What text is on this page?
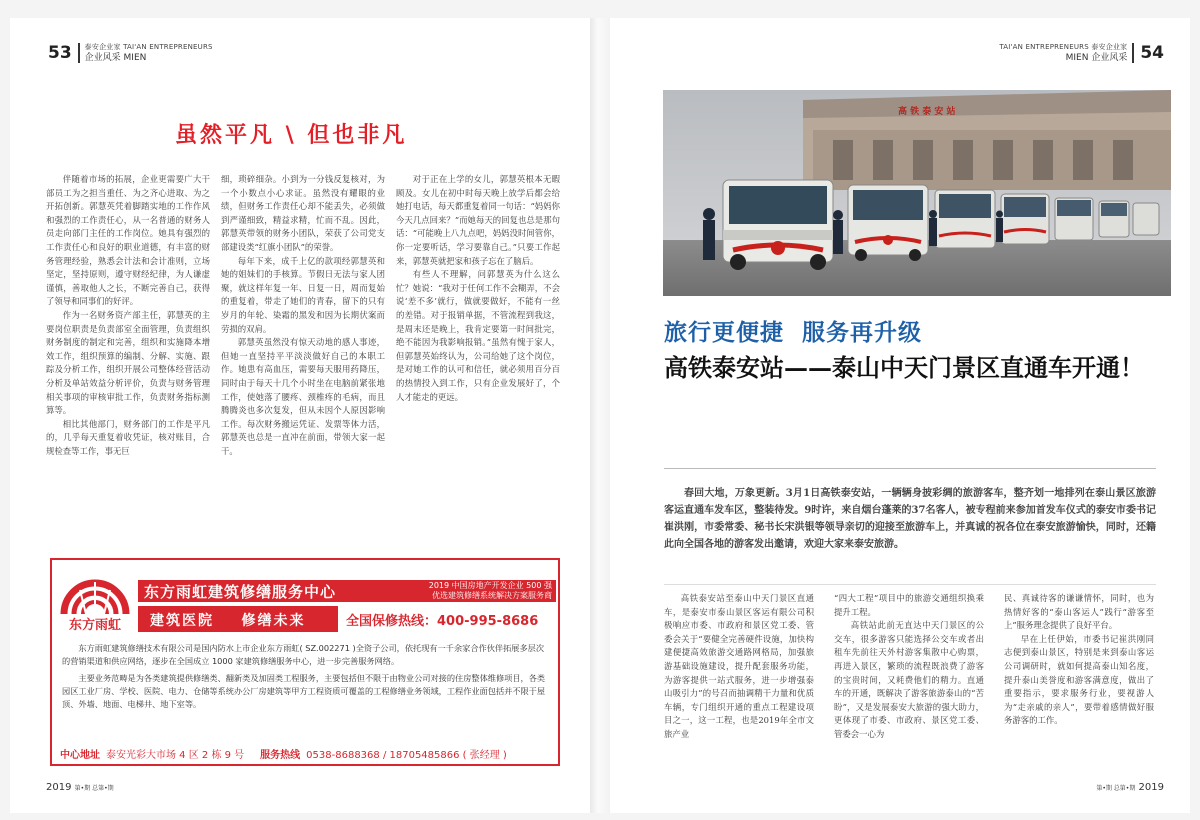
53	泰安企业家 TAI'AN ENTREPRENEURS
企业风采 MIEN
虽然平凡 \ 但也非凡

伴随着市场的拓展，企业更需要广大干部员工为之担当重任、为之齐心进取、为之开拓创新。郭慧英凭着脚踏实地的工作作风和强烈的工作责任心，从一名普通的财务人员走向部门主任的工作岗位。她具有强烈的工作责任心和良好的职业道德，有丰富的财务管理经验，熟悉会计法和会计准则，立场坚定，坚持原则，遵守财经纪律，为人谦虚谨慎，善取他人之长，不断完善自己，获得了领导和同事们的好评。

作为一名财务资产部主任，郭慧英的主要岗位职责是负责部室全面管理，负责组织财务制度的制定和完善，组织和实施降本增效工作，组织预算的编制、分解、实施、跟踪及分析工作，组织开展公司整体经营活动分析及单站效益分析评价，负责与财务管理相关事项的审核审批工作，负责财务指标测算等。

相比其他部门，财务部门的工作是平凡的，几乎每天重复着收凭证，核对账目，合规检查等工作，事无巨

细，琐碎细杂。小到为一分钱反复核对，为一个小数点小心求证。虽然没有耀眼的业绩，但财务工作责任心却不能丢失，必须做到严谨细致，精益求精，忙而不乱。因此，郭慧英带领的财务小团队，荣获了公司党支部建设类“红旗小团队”的荣誉。

每年下来，成千上亿的款项经郭慧英和她的姐妹们的手核算。节假日无法与家人团聚，就这样年复一年、日复一日，周而复始的重复着，带走了她们的青春，留下的只有岁月的年轮、染霜的黑发和因为长期伏案而劳损的双肩。

郭慧英虽然没有惊天动地的感人事迹，但她一直坚持平平淡淡做好自己的本职工作。她患有高血压，需要每天服用药降压，同时由于每天十几个小时坐在电脑前紧张地工作，使她落了腰疼、颈椎疼的毛病，而且腾腾炎也多次复发，但从未因个人原因影响工作。每次财务搬运凭证、发票等体力活，郭慧英也总是一直冲在前面，带领大家一起干。

对于正在上学的女儿，郭慧英根本无暇顾及。女儿在初中时每天晚上放学后都会给她打电话，每天都重复着同一句话：“妈妈你今天几点回来？”而她每天的回复也总是那句话：“可能晚上八九点吧，妈妈没时间管你，你一定要听话，学习要靠自己。”只要工作起来，郭慧英就把家和孩子忘在了脑后。

有些人不理解，问郭慧英为什么这么忙？她说：“我对于任何工作不会糊弄，不会说‘差不多’就行，做就要做好，不能有一丝的差错。对于报销单据，不管流程到我这，是周末还是晚上，我肯定要第一时间批完，绝不能因为我影响报销。”虽然有愧于家人，但郭慧英始终认为，公司给她了这个岗位，是对她工作的认可和信任，就必须用百分百的热情投入到工作，只有企业发展好了，个人才能走的更远。

东方雨虹
东方雨虹建筑修缮服务中心	2019 中国房地产开发企业 500 强
优选建筑修缮系统解决方案服务商
建筑医院    修缮未来	全国保修热线：400-995-8686

东方雨虹建筑修缮技术有限公司是国内防水上市企业东方雨虹( SZ.002271 )全资子公司，依托现有一千余家合作伙伴拓展多层次的营销渠道和供应网络，逐步在全国成立 1000 家建筑修缮服务中心，进一步完善服务网络。

主要业务范畴是为各类建筑提供修缮类、翻新类及加固类工程服务，主要包括但不限于由物业公司对接的住房整体维修项目，各类园区工业厂房、学校、医院、电力、仓储等系统办公厂房建筑等甲方工程资质可覆盖的工程修缮业务领域，工程作业面包括并不限于屋顶、外墙、地面、电梯井、地下室等。

中心地址 泰安光彩大市场 4 区 2 栋 9 号 服务热线 0538-8688368 / 18705485866 ( 张经理 )
2019 第•期 总第•期
TAI'AN ENTREPRENEURS 泰安企业家
MIEN 企业风采 54
高 铁 泰 安 站
旅行更便捷  服务再升级
高铁泰安站——泰山中天门景区直通车开通！

春回大地，万象更新。3月1日高铁泰安站，一辆辆身披彩绸的旅游客车，整齐划一地排列在泰山景区旅游客运直通车发车区，整装待发。9时许，来自烟台蓬莱的37名客人，被专程前来参加首发车仪式的泰安市委书记崔洪刚，市委常委、秘书长宋洪银等领导亲切的迎接至旅游车上，并真诚的祝各位在泰安旅游愉快，同时，还籍此向全国各地的游客发出邀请，欢迎大家来泰安旅游。

高铁泰安站至泰山中天门景区直通车，是泰安市泰山景区客运有限公司积极响应市委、市政府和景区党工委、管委会关于“要健全完善硬件设施，加快构建便捷高效旅游交通路网格局，加强旅游基础设施建设，提升配套服务功能，为游客提供一站式服务，进一步增强泰山吸引力”的号召而抽调精干力量和优质车辆，专门组织开通的重点工程建设项目之一，这一工程，也是2019年全市文旅产业

“四大工程”项目中的旅游交通组织换乘提升工程。

高铁站此前无直达中天门景区的公交车，很多游客只能选择公交车或者出租车先前往天外村游客集散中心购票，再进入景区，繁琐的流程既浪费了游客的宝贵时间，又耗费他们的精力。直通车的开通，既解决了游客旅游泰山的“苦盼”，又是发展泰安大旅游的强大助力，更体现了市委、市政府、景区党工委、管委会一心为

民、真诚待客的谦谦情怀，同时，也为热情好客的“泰山客运人”践行“游客至上”服务理念提供了良好平台。

早在上任伊始，市委书记崔洪刚同志便到泰山景区，特别是来到泰山客运公司调研时，就如何提高泰山知名度，提升泰山美誉度和游客满意度，做出了重要指示，要求服务行业，要视游人为“走亲戚的亲人”，要带着感情做好服务游客的工作。

第•期 总第•期 2019
